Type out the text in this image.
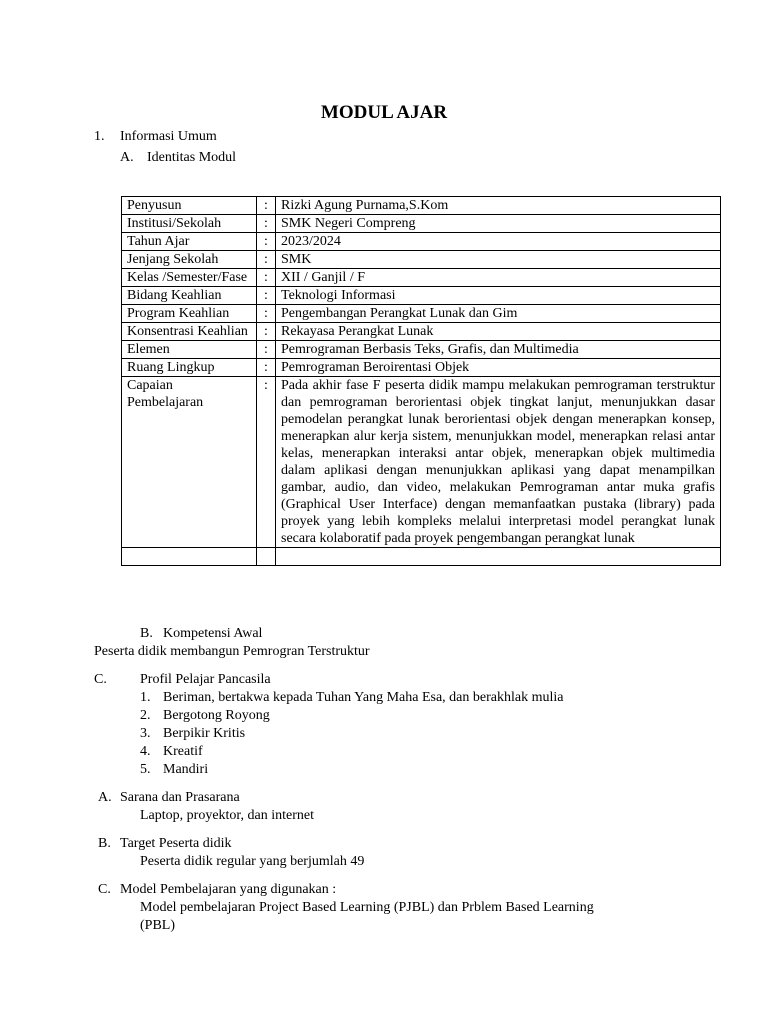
MODUL AJAR
1. Informasi Umum
A. Identitas Modul
Penyusun	:	Rizki Agung Purnama,S.Kom
Institusi/Sekolah	:	SMK Negeri Compreng
Tahun Ajar	:	2023/2024
Jenjang Sekolah	:	SMK
Kelas /Semester/Fase	:	XII / Ganjil / F
Bidang Keahlian	:	Teknologi Informasi
Program Keahlian	:	Pengembangan Perangkat Lunak dan Gim
Konsentrasi Keahlian	:	Rekayasa Perangkat Lunak
Elemen	:	Pemrograman Berbasis Teks, Grafis, dan Multimedia
Ruang Lingkup	:	Pemrograman Beroirentasi Objek
Capaian Pembelajaran	:	Pada akhir fase F peserta didik mampu melakukan pemrograman terstruktur dan pemrograman berorientasi objek tingkat lanjut, menunjukkan dasar pemodelan perangkat lunak berorientasi objek dengan menerapkan konsep, menerapkan alur kerja sistem, menunjukkan model, menerapkan relasi antar kelas, menerapkan interaksi antar objek, menerapkan objek multimedia dalam aplikasi dengan menunjukkan aplikasi yang dapat menampilkan gambar, audio, dan video, melakukan Pemrograman antar muka grafis (Graphical User Interface) dengan memanfaatkan pustaka (library) pada proyek yang lebih kompleks melalui interpretasi model perangkat lunak secara kolaboratif pada proyek pengembangan perangkat lunak

B. Kompetensi Awal
Peserta didik membangun Pemrogran Terstruktur
C. Profil Pelajar Pancasila
1. Beriman, bertakwa kepada Tuhan Yang Maha Esa, dan berakhlak mulia
2. Bergotong Royong
3. Berpikir Kritis
4. Kreatif
5. Mandiri
A. Sarana dan Prasarana
Laptop, proyektor, dan internet
B. Target Peserta didik
Peserta didik regular yang berjumlah 49
C. Model Pembelajaran yang digunakan :
Model pembelajaran Project Based Learning (PJBL) dan Prblem Based Learning
(PBL)
